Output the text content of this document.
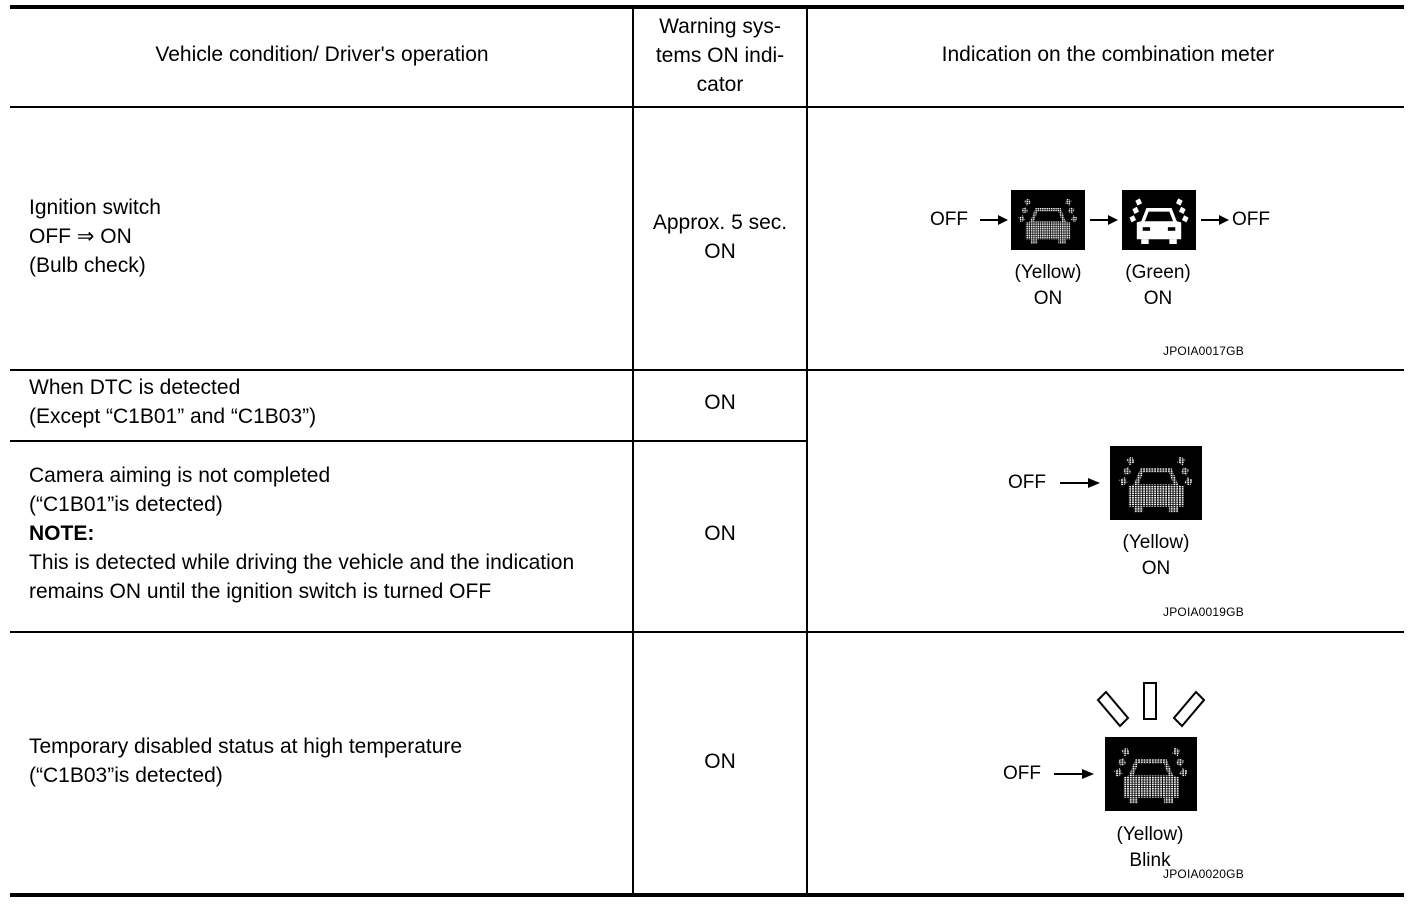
Vehicle condition/ Driver's operation
Warning sys-
tems ON indi-
cator
Indication on the combination meter
Ignition switch
OFF ⇒ ON
(Bulb check)
Approx. 5 sec.
ON
OFF	OFF
(Yellow)
ON
(Green)
ON
JPOIA0017GB
When DTC is detected
(Except “C1B01” and “C1B03”)
ON
Camera aiming is not completed
(“C1B01”is detected)
NOTE:
This is detected while driving the vehicle and the indication
remains ON until the ignition switch is turned OFF
ON
OFF
(Yellow)
ON
JPOIA0019GB
Temporary disabled status at high temperature
(“C1B03”is detected)
ON
OFF
(Yellow)
Blink
JPOIA0020GB
